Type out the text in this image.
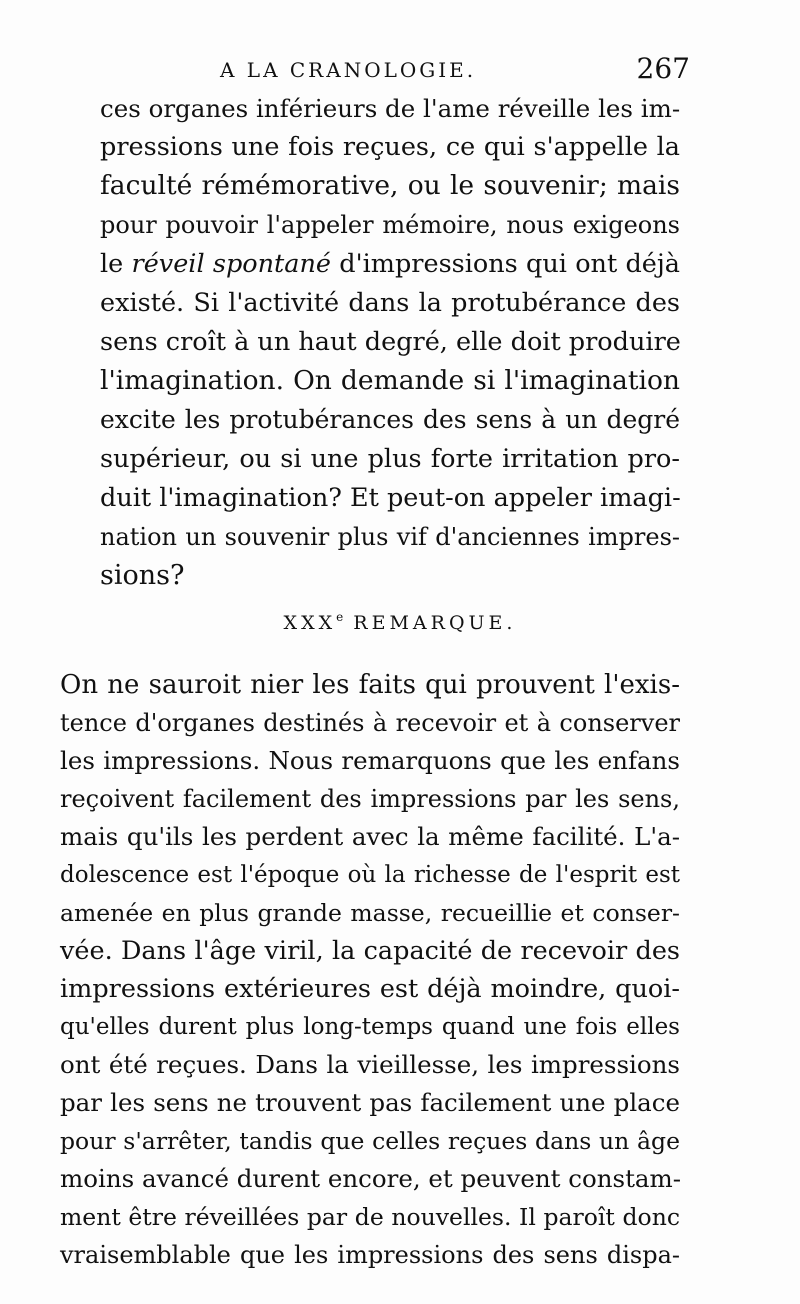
A LA CRANOLOGIE.	267
ces organes inférieurs de l'ame réveille les im-
pressions une fois reçues, ce qui s'appelle la
faculté rémémorative, ou le souvenir; mais
pour pouvoir l'appeler mémoire, nous exigeons
le réveil spontané d'impressions qui ont déjà
existé. Si l'activité dans la protubérance des
sens croît à un haut degré, elle doit produire
l'imagination. On demande si l'imagination
excite les protubérances des sens à un degré
supérieur, ou si une plus forte irritation pro-
duit l'imagination? Et peut-on appeler imagi-
nation un souvenir plus vif d'anciennes impres-
sions?
XXXe REMARQUE.
On ne sauroit nier les faits qui prouvent l'exis-
tence d'organes destinés à recevoir et à conserver
les impressions. Nous remarquons que les enfans
reçoivent facilement des impressions par les sens,
mais qu'ils les perdent avec la même facilité. L'a-
dolescence est l'époque où la richesse de l'esprit est
amenée en plus grande masse, recueillie et conser-
vée. Dans l'âge viril, la capacité de recevoir des
impressions extérieures est déjà moindre, quoi-
qu'elles durent plus long-temps quand une fois elles
ont été reçues. Dans la vieillesse, les impressions
par les sens ne trouvent pas facilement une place
pour s'arrêter, tandis que celles reçues dans un âge
moins avancé durent encore, et peuvent constam-
ment être réveillées par de nouvelles. Il paroît donc
vraisemblable que les impressions des sens dispa-
